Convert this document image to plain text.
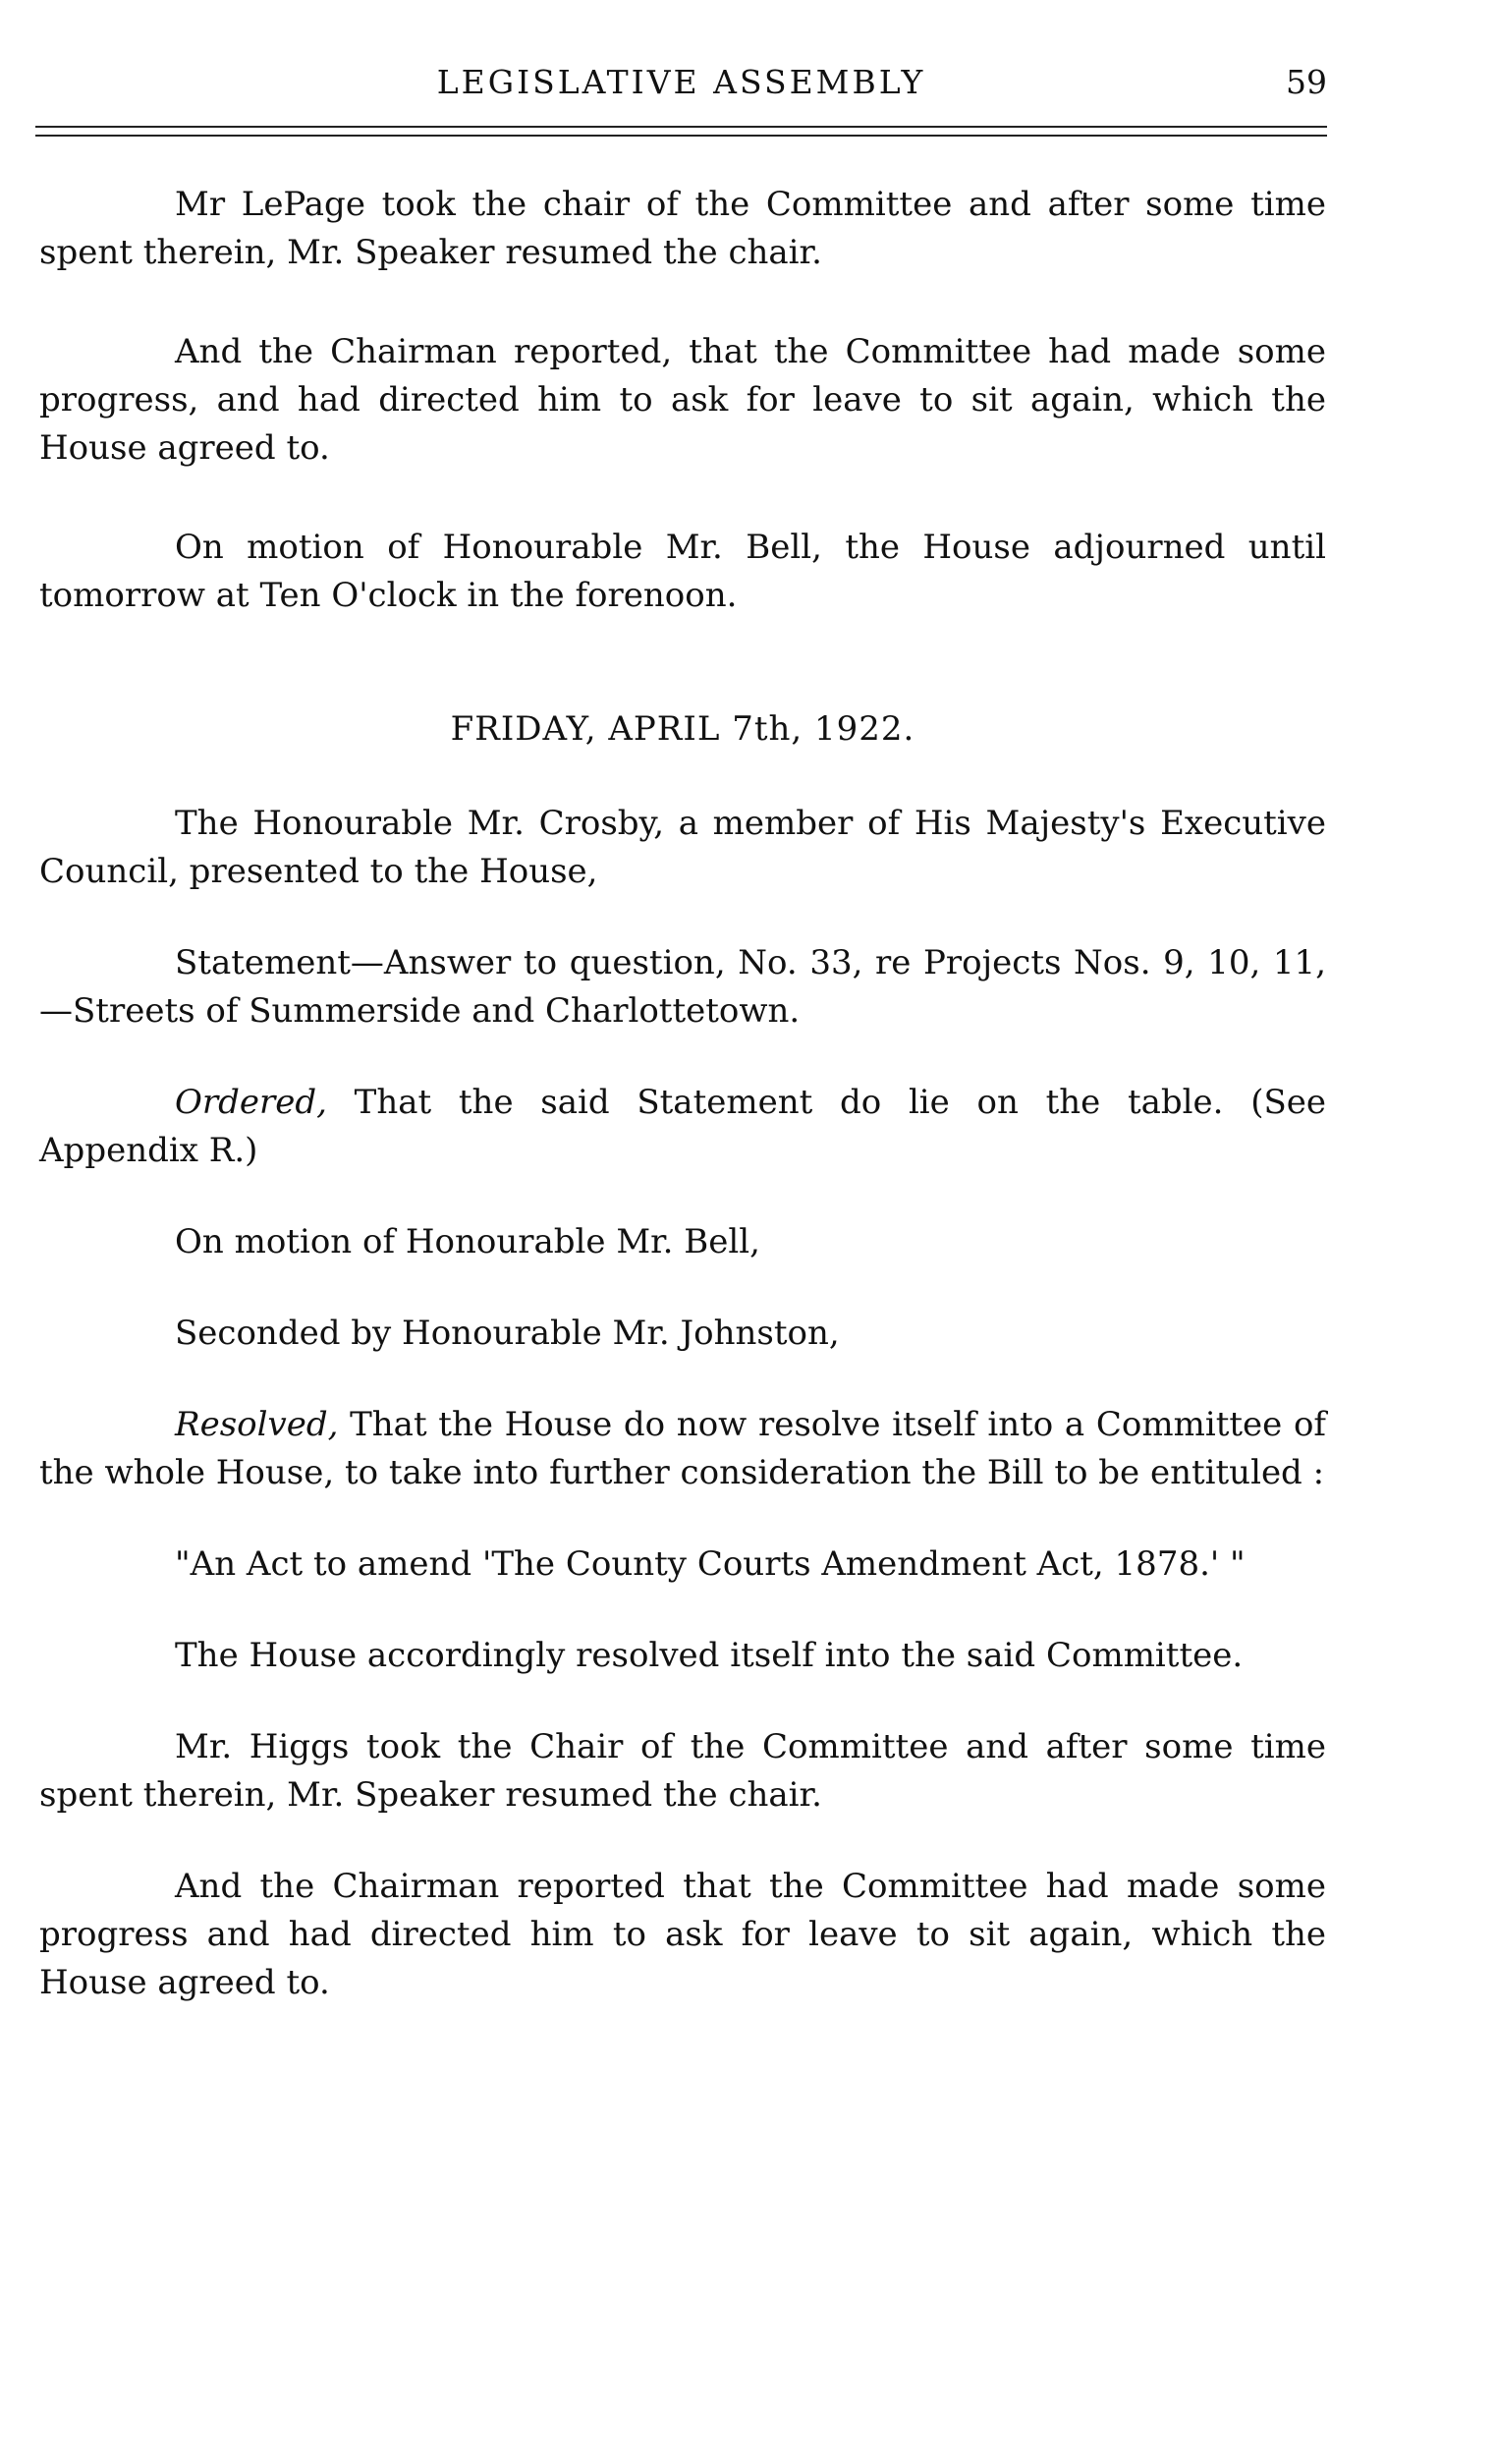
LEGISLATIVE ASSEMBLY	59

Mr LePage took the chair of the Committee and after some time spent therein, Mr. Speaker resumed the chair.

And the Chairman reported, that the Committee had made some progress, and had directed him to ask for leave to sit again, which the House agreed to.

On motion of Honourable Mr. Bell, the House adjourned until tomorrow at Ten O'clock in the forenoon.

FRIDAY, APRIL 7th, 1922.

The Honourable Mr. Crosby, a member of His Majesty's Executive Council, presented to the House,

Statement—Answer to question, No. 33, re Projects Nos. 9, 10, 11,—Streets of Summerside and Charlottetown.

Ordered, That the said Statement do lie on the table. (See Appendix R.)

On motion of Honourable Mr. Bell,

Seconded by Honourable Mr. Johnston,

Resolved, That the House do now resolve itself into a Committee of the whole House, to take into further consideration the Bill to be entituled :

"An Act to amend 'The County Courts Amendment Act, 1878.' "

The House accordingly resolved itself into the said Committee.

Mr. Higgs took the Chair of the Committee and after some time spent therein, Mr. Speaker resumed the chair.

And the Chairman reported that the Committee had made some progress and had directed him to ask for leave to sit again, which the House agreed to.
